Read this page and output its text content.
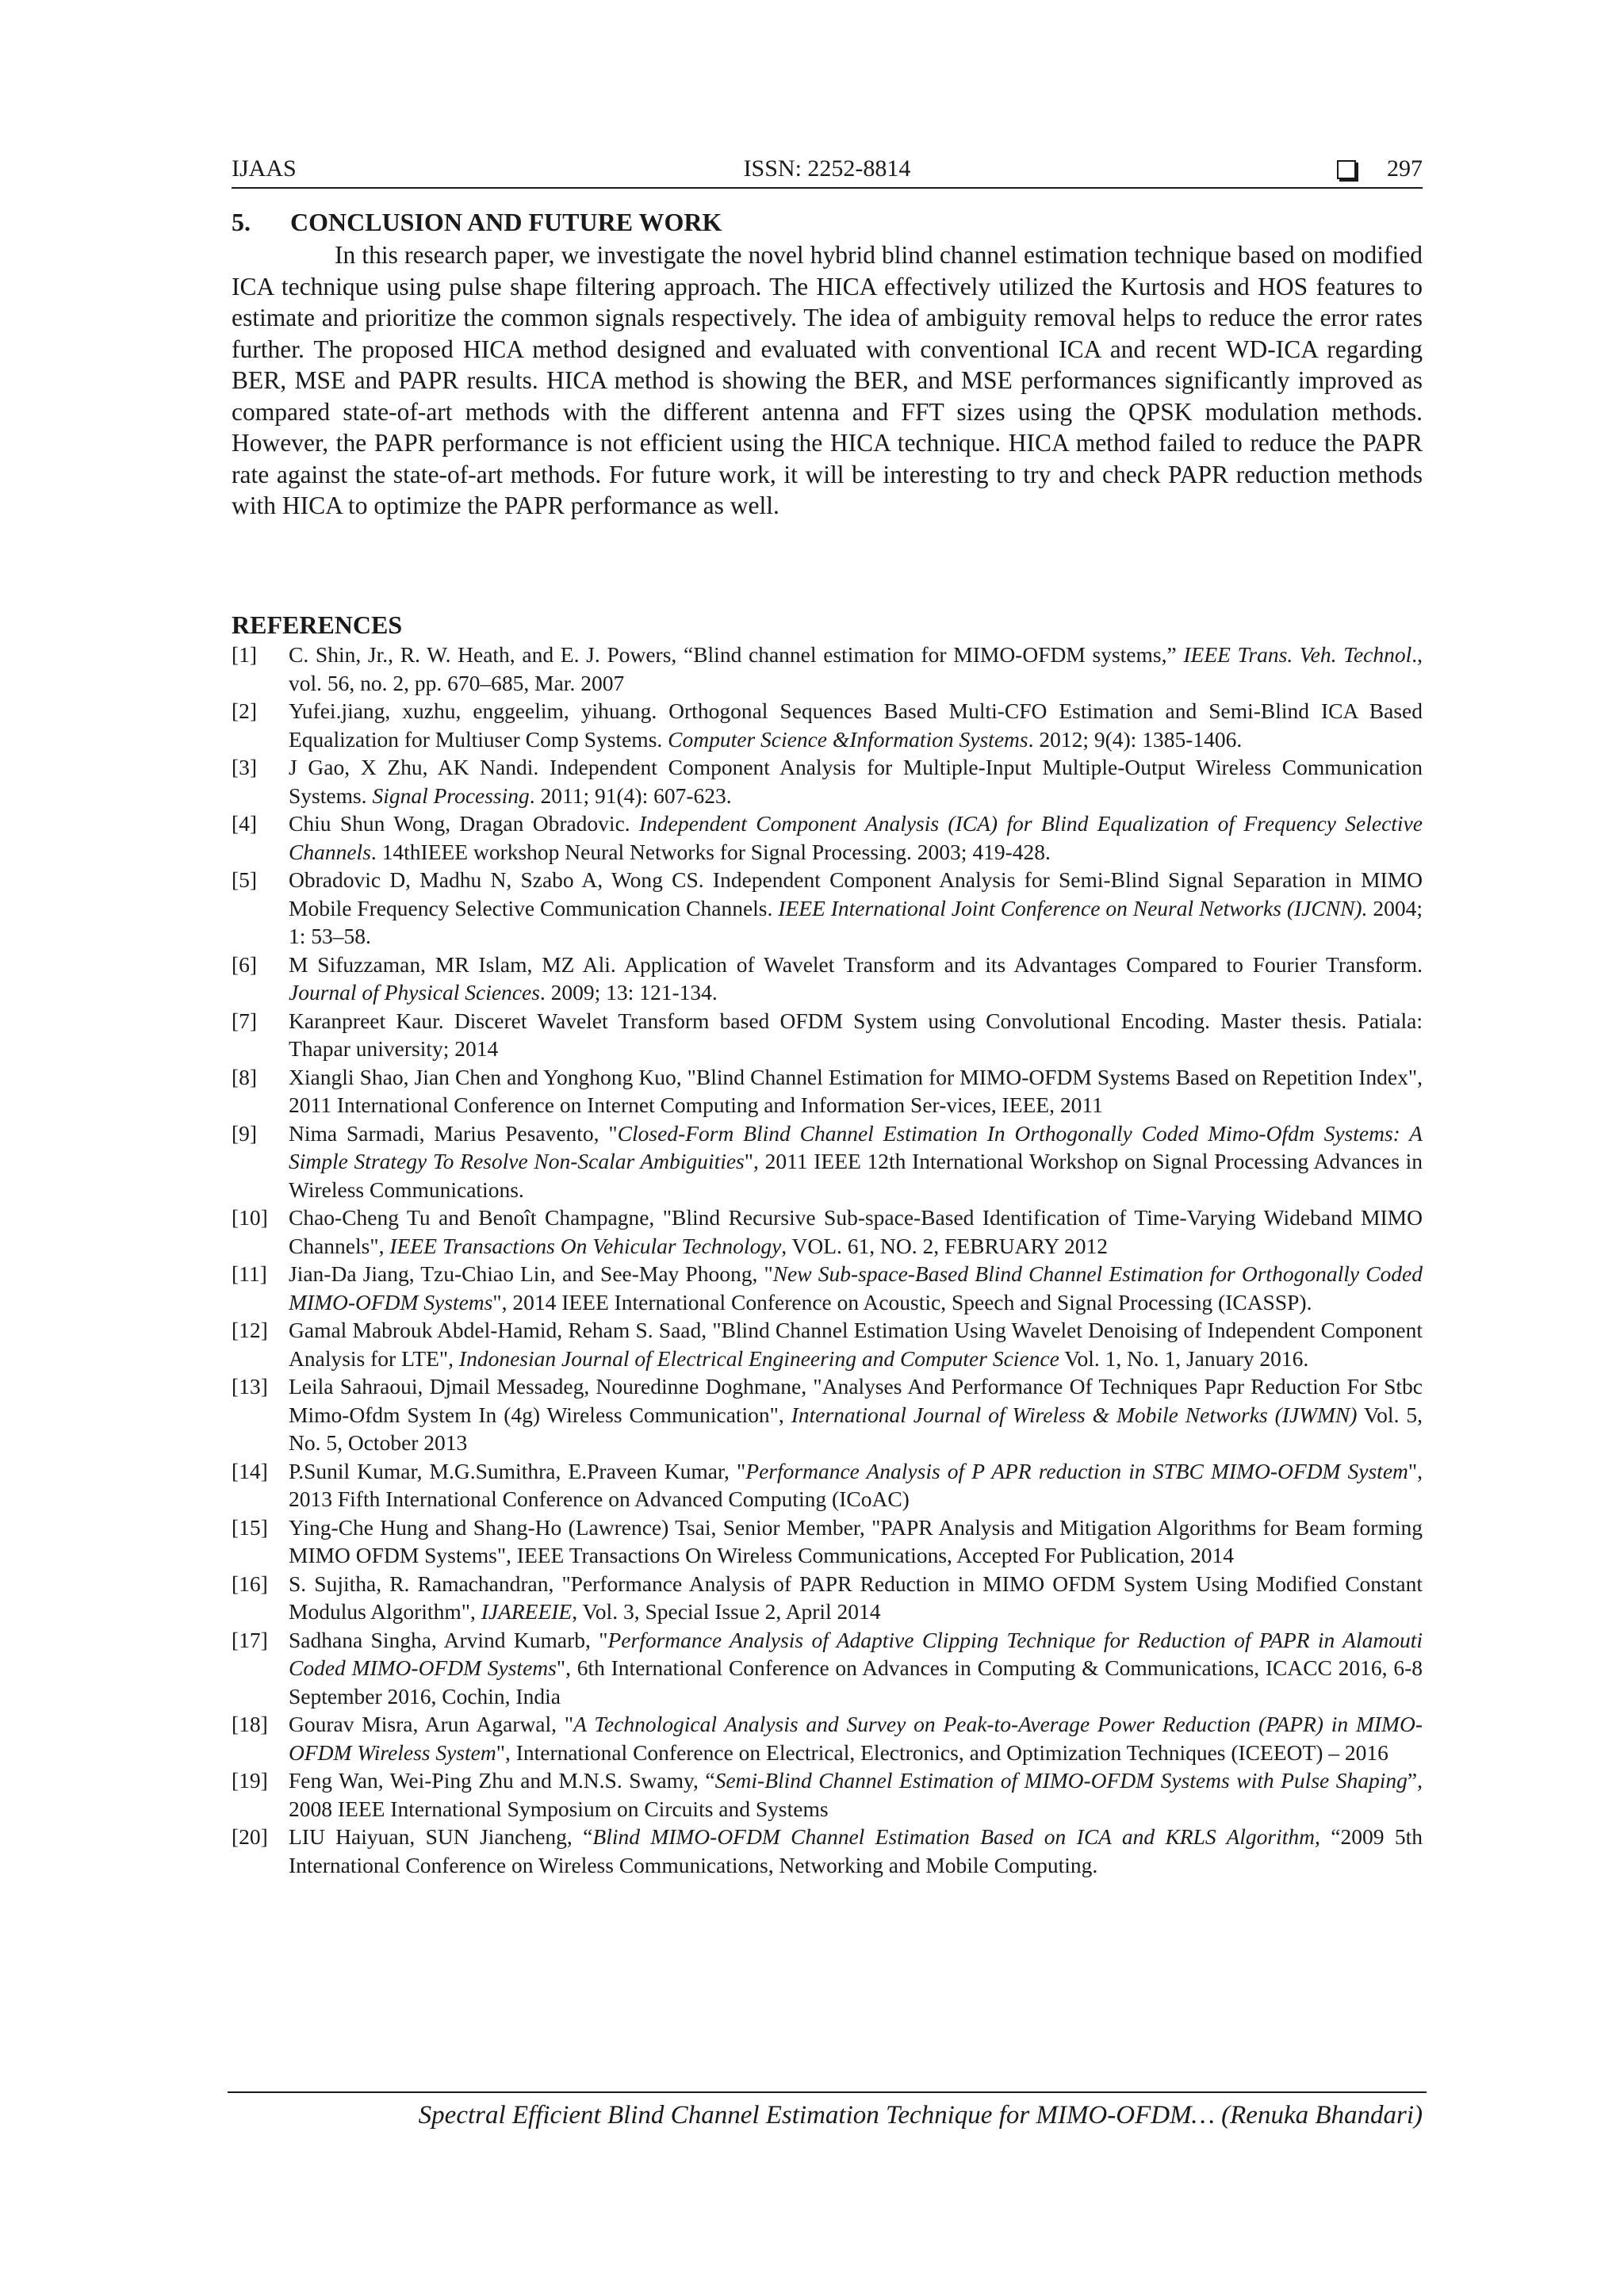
IJAAS	ISSN: 2252-8814	297
5. CONCLUSION AND FUTURE WORK

In this research paper, we investigate the novel hybrid blind channel estimation technique based on modified ICA technique using pulse shape filtering approach. The HICA effectively utilized the Kurtosis and HOS features to estimate and prioritize the common signals respectively. The idea of ambiguity removal helps to reduce the error rates further. The proposed HICA method designed and evaluated with conventional ICA and recent WD-ICA regarding BER, MSE and PAPR results. HICA method is showing the BER, and MSE performances significantly improved as compared state-of-art methods with the different antenna and FFT sizes using the QPSK modulation methods. However, the PAPR performance is not efficient using the HICA technique. HICA method failed to reduce the PAPR rate against the state-of-art methods. For future work, it will be interesting to try and check PAPR reduction methods with HICA to optimize the PAPR performance as well.

REFERENCES
[1] C. Shin, Jr., R. W. Heath, and E. J. Powers, “Blind channel estimation for MIMO-OFDM systems,” IEEE Trans. Veh. Technol., vol. 56, no. 2, pp. 670–685, Mar. 2007
[2] Yufei.jiang, xuzhu, enggeelim, yihuang. Orthogonal Sequences Based Multi-CFO Estimation and Semi-Blind ICA Based Equalization for Multiuser Comp Systems. Computer Science &Information Systems. 2012; 9(4): 1385-1406.
[3] J Gao, X Zhu, AK Nandi. Independent Component Analysis for Multiple-Input Multiple-Output Wireless Communication Systems. Signal Processing. 2011; 91(4): 607-623.
[4] Chiu Shun Wong, Dragan Obradovic. Independent Component Analysis (ICA) for Blind Equalization of Frequency Selective Channels. 14thIEEE workshop Neural Networks for Signal Processing. 2003; 419-428.
[5] Obradovic D, Madhu N, Szabo A, Wong CS. Independent Component Analysis for Semi-Blind Signal Separation in MIMO Mobile Frequency Selective Communication Channels. IEEE International Joint Conference on Neural Networks (IJCNN). 2004; 1: 53–58.
[6] M Sifuzzaman, MR Islam, MZ Ali. Application of Wavelet Transform and its Advantages Compared to Fourier Transform. Journal of Physical Sciences. 2009; 13: 121-134.
[7] Karanpreet Kaur. Disceret Wavelet Transform based OFDM System using Convolutional Encoding. Master thesis. Patiala: Thapar university; 2014
[8] Xiangli Shao, Jian Chen and Yonghong Kuo, "Blind Channel Estimation for MIMO-OFDM Systems Based on Repetition Index", 2011 International Conference on Internet Computing and Information Ser-vices, IEEE, 2011
[9] Nima Sarmadi, Marius Pesavento, "Closed-Form Blind Channel Estimation In Orthogonally Coded Mimo-Ofdm Systems: A Simple Strategy To Resolve Non-Scalar Ambiguities", 2011 IEEE 12th International Workshop on Signal Processing Advances in Wireless Communications.
[10] Chao-Cheng Tu and Benoît Champagne, "Blind Recursive Sub-space-Based Identification of Time-Varying Wideband MIMO Channels", IEEE Transactions On Vehicular Technology, VOL. 61, NO. 2, FEBRUARY 2012
[11] Jian-Da Jiang, Tzu-Chiao Lin, and See-May Phoong, "New Sub-space-Based Blind Channel Estimation for Orthogonally Coded MIMO-OFDM Systems", 2014 IEEE International Conference on Acoustic, Speech and Signal Processing (ICASSP).
[12] Gamal Mabrouk Abdel-Hamid, Reham S. Saad, "Blind Channel Estimation Using Wavelet Denoising of Independent Component Analysis for LTE", Indonesian Journal of Electrical Engineering and Computer Science Vol. 1, No. 1, January 2016.
[13] Leila Sahraoui, Djmail Messadeg, Nouredinne Doghmane, "Analyses And Performance Of Techniques Papr Reduction For Stbc Mimo-Ofdm System In (4g) Wireless Communication", International Journal of Wireless & Mobile Networks (IJWMN) Vol. 5, No. 5, October 2013
[14] P.Sunil Kumar, M.G.Sumithra, E.Praveen Kumar, "Performance Analysis of P APR reduction in STBC MIMO-OFDM System", 2013 Fifth International Conference on Advanced Computing (ICoAC)
[15] Ying-Che Hung and Shang-Ho (Lawrence) Tsai, Senior Member, "PAPR Analysis and Mitigation Algorithms for Beam forming MIMO OFDM Systems", IEEE Transactions On Wireless Communications, Accepted For Publication, 2014
[16] S. Sujitha, R. Ramachandran, "Performance Analysis of PAPR Reduction in MIMO OFDM System Using Modified Constant Modulus Algorithm", IJAREEIE, Vol. 3, Special Issue 2, April 2014
[17] Sadhana Singha, Arvind Kumarb, "Performance Analysis of Adaptive Clipping Technique for Reduction of PAPR in Alamouti Coded MIMO-OFDM Systems", 6th International Conference on Advances in Computing & Communications, ICACC 2016, 6-8 September 2016, Cochin, India
[18] Gourav Misra, Arun Agarwal, "A Technological Analysis and Survey on Peak-to-Average Power Reduction (PAPR) in MIMO-OFDM Wireless System", International Conference on Electrical, Electronics, and Optimization Techniques (ICEEOT) – 2016
[19] Feng Wan, Wei-Ping Zhu and M.N.S. Swamy, “Semi-Blind Channel Estimation of MIMO-OFDM Systems with Pulse Shaping”, 2008 IEEE International Symposium on Circuits and Systems
[20] LIU Haiyuan, SUN Jiancheng, “Blind MIMO-OFDM Channel Estimation Based on ICA and KRLS Algorithm, “2009 5th International Conference on Wireless Communications, Networking and Mobile Computing.
Spectral Efficient Blind Channel Estimation Technique for MIMO-OFDM… (Renuka Bhandari)
